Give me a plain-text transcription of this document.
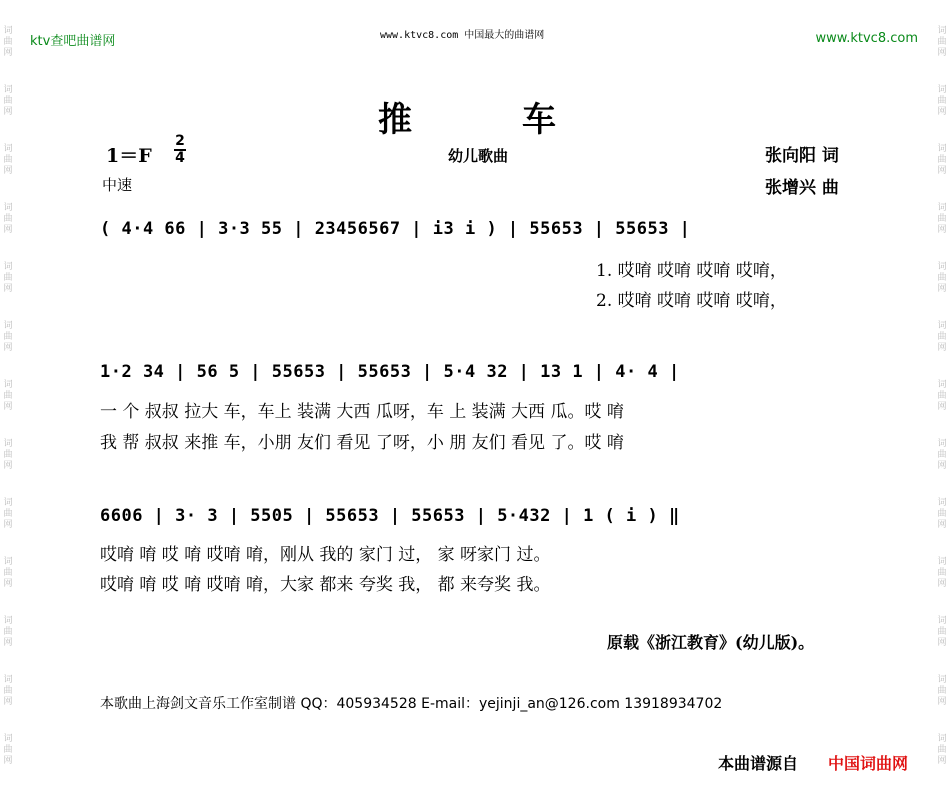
词曲网
词曲网
词曲网
词曲网
词曲网
词曲网
词曲网
词曲网
词曲网
词曲网
词曲网
词曲网
词曲网
词曲网
词曲网
词曲网
词曲网
词曲网
词曲网
词曲网
词曲网
词曲网
词曲网
词曲网
词曲网
词曲网
ktv查吧曲谱网	www.ktvc8.com 中国最大的曲谱网	www.ktvc8.com
推车
1＝F
2
4	幼儿歌曲	张向阳 词
张增兴 曲
中速
( 4·4 66 | 3·3 55 | 23456567 | i3 i ) | 55653 | 55653 |
1. 哎唷 哎唷 哎唷 哎唷，
2. 哎唷 哎唷 哎唷 哎唷，
1·2 34 | 56 5 | 55653 | 55653 | 5·4 32 | 13 1 | 4· 4 |
一 个 叔叔 拉大 车，车上 装满 大西 瓜呀，车 上 装满 大西 瓜。哎 唷
我 帮 叔叔 来推 车，小朋 友们 看见 了呀，小 朋 友们 看见 了。哎 唷
6606 | 3· 3 | 5505 | 55653 | 55653 | 5·432 | 1 ( i ) ‖
哎唷 唷 哎 唷 哎唷 唷，刚从 我的 家门 过， 家 呀家门 过。
哎唷 唷 哎 唷 哎唷 唷，大家 都来 夸奖 我， 都 来夸奖 我。
原载《浙江教育》(幼儿版)。
本歌曲上海剑文音乐工作室制谱 QQ：405934528 E-mail：yejinji_an@126.com 13918934702
本曲谱源自 中国词曲网
